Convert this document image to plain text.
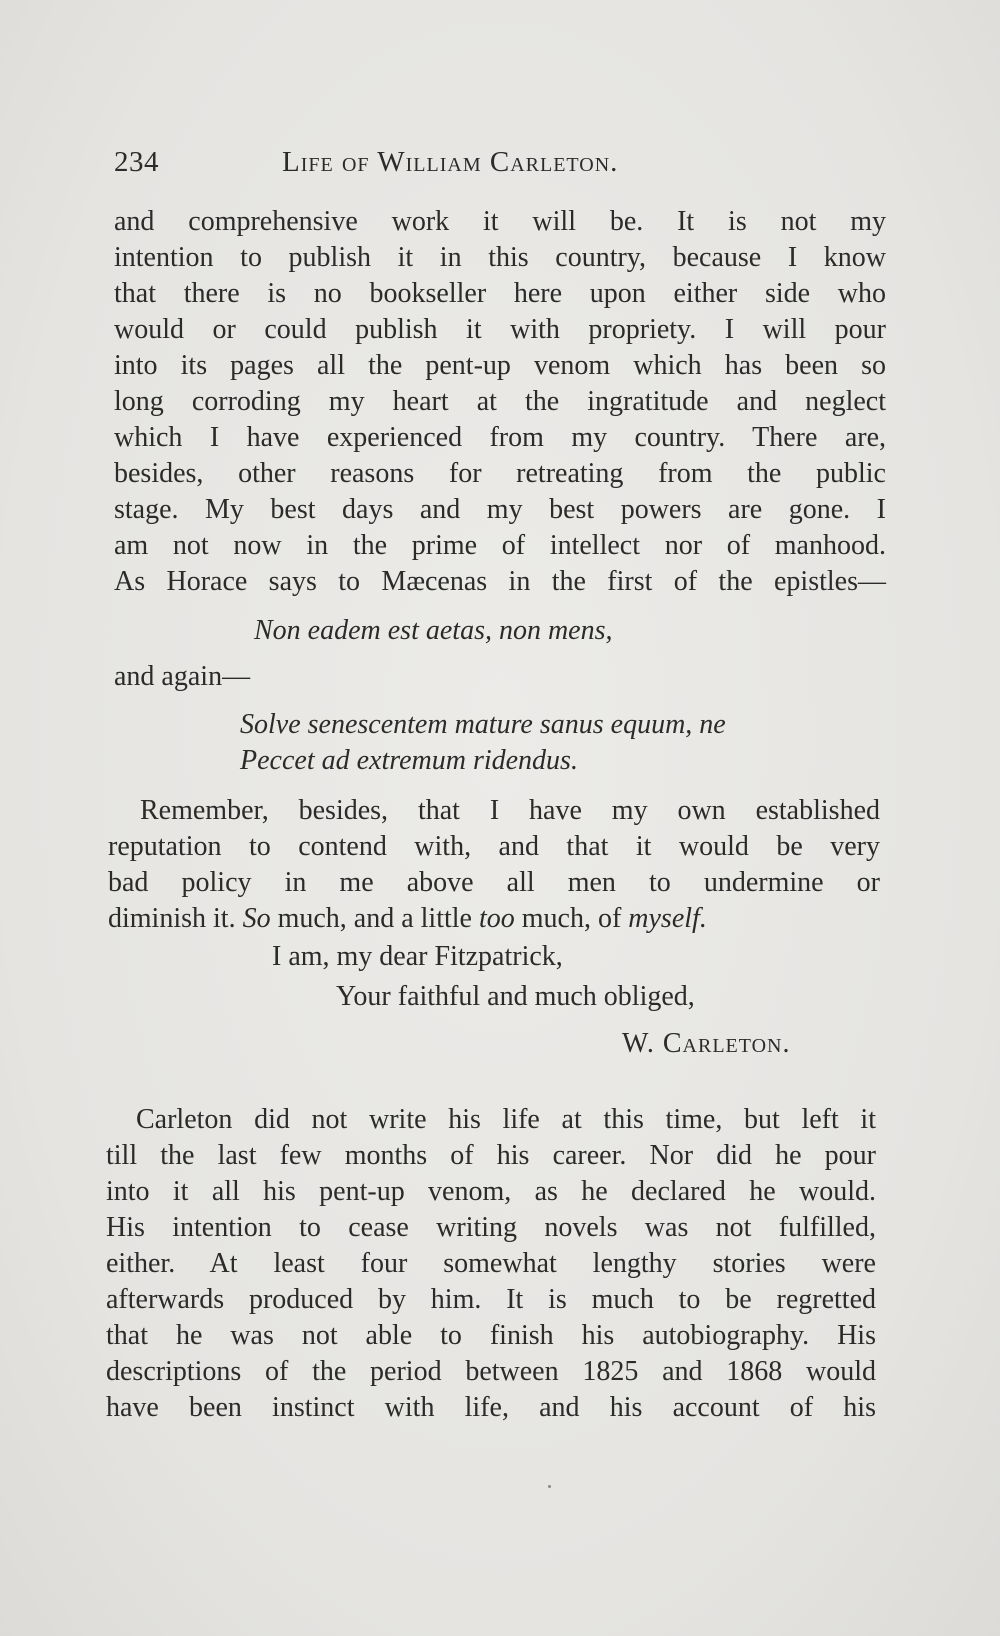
234	Life of William Carleton.
and comprehensive work it will be. It is not my
intention to publish it in this country, because I know
that there is no bookseller here upon either side who
would or could publish it with propriety. I will pour
into its pages all the pent-up venom which has been so
long corroding my heart at the ingratitude and neglect
which I have experienced from my country. There are,
besides, other reasons for retreating from the public
stage. My best days and my best powers are gone. I
am not now in the prime of intellect nor of manhood.
As Horace says to Mæcenas in the first of the epistles—
Non eadem est aetas, non mens,
and again—
Solve senescentem mature sanus equum, ne
Peccet ad extremum ridendus.
Remember, besides, that I have my own established
reputation to contend with, and that it would be very
bad policy in me above all men to undermine or
diminish it. So much, and a little too much, of myself.
I am, my dear Fitzpatrick,
Your faithful and much obliged,
W. Carleton.
Carleton did not write his life at this time, but left it
till the last few months of his career. Nor did he pour
into it all his pent-up venom, as he declared he would.
His intention to cease writing novels was not fulfilled,
either. At least four somewhat lengthy stories were
afterwards produced by him. It is much to be regretted
that he was not able to finish his autobiography. His
descriptions of the period between 1825 and 1868 would
have been instinct with life, and his account of his
